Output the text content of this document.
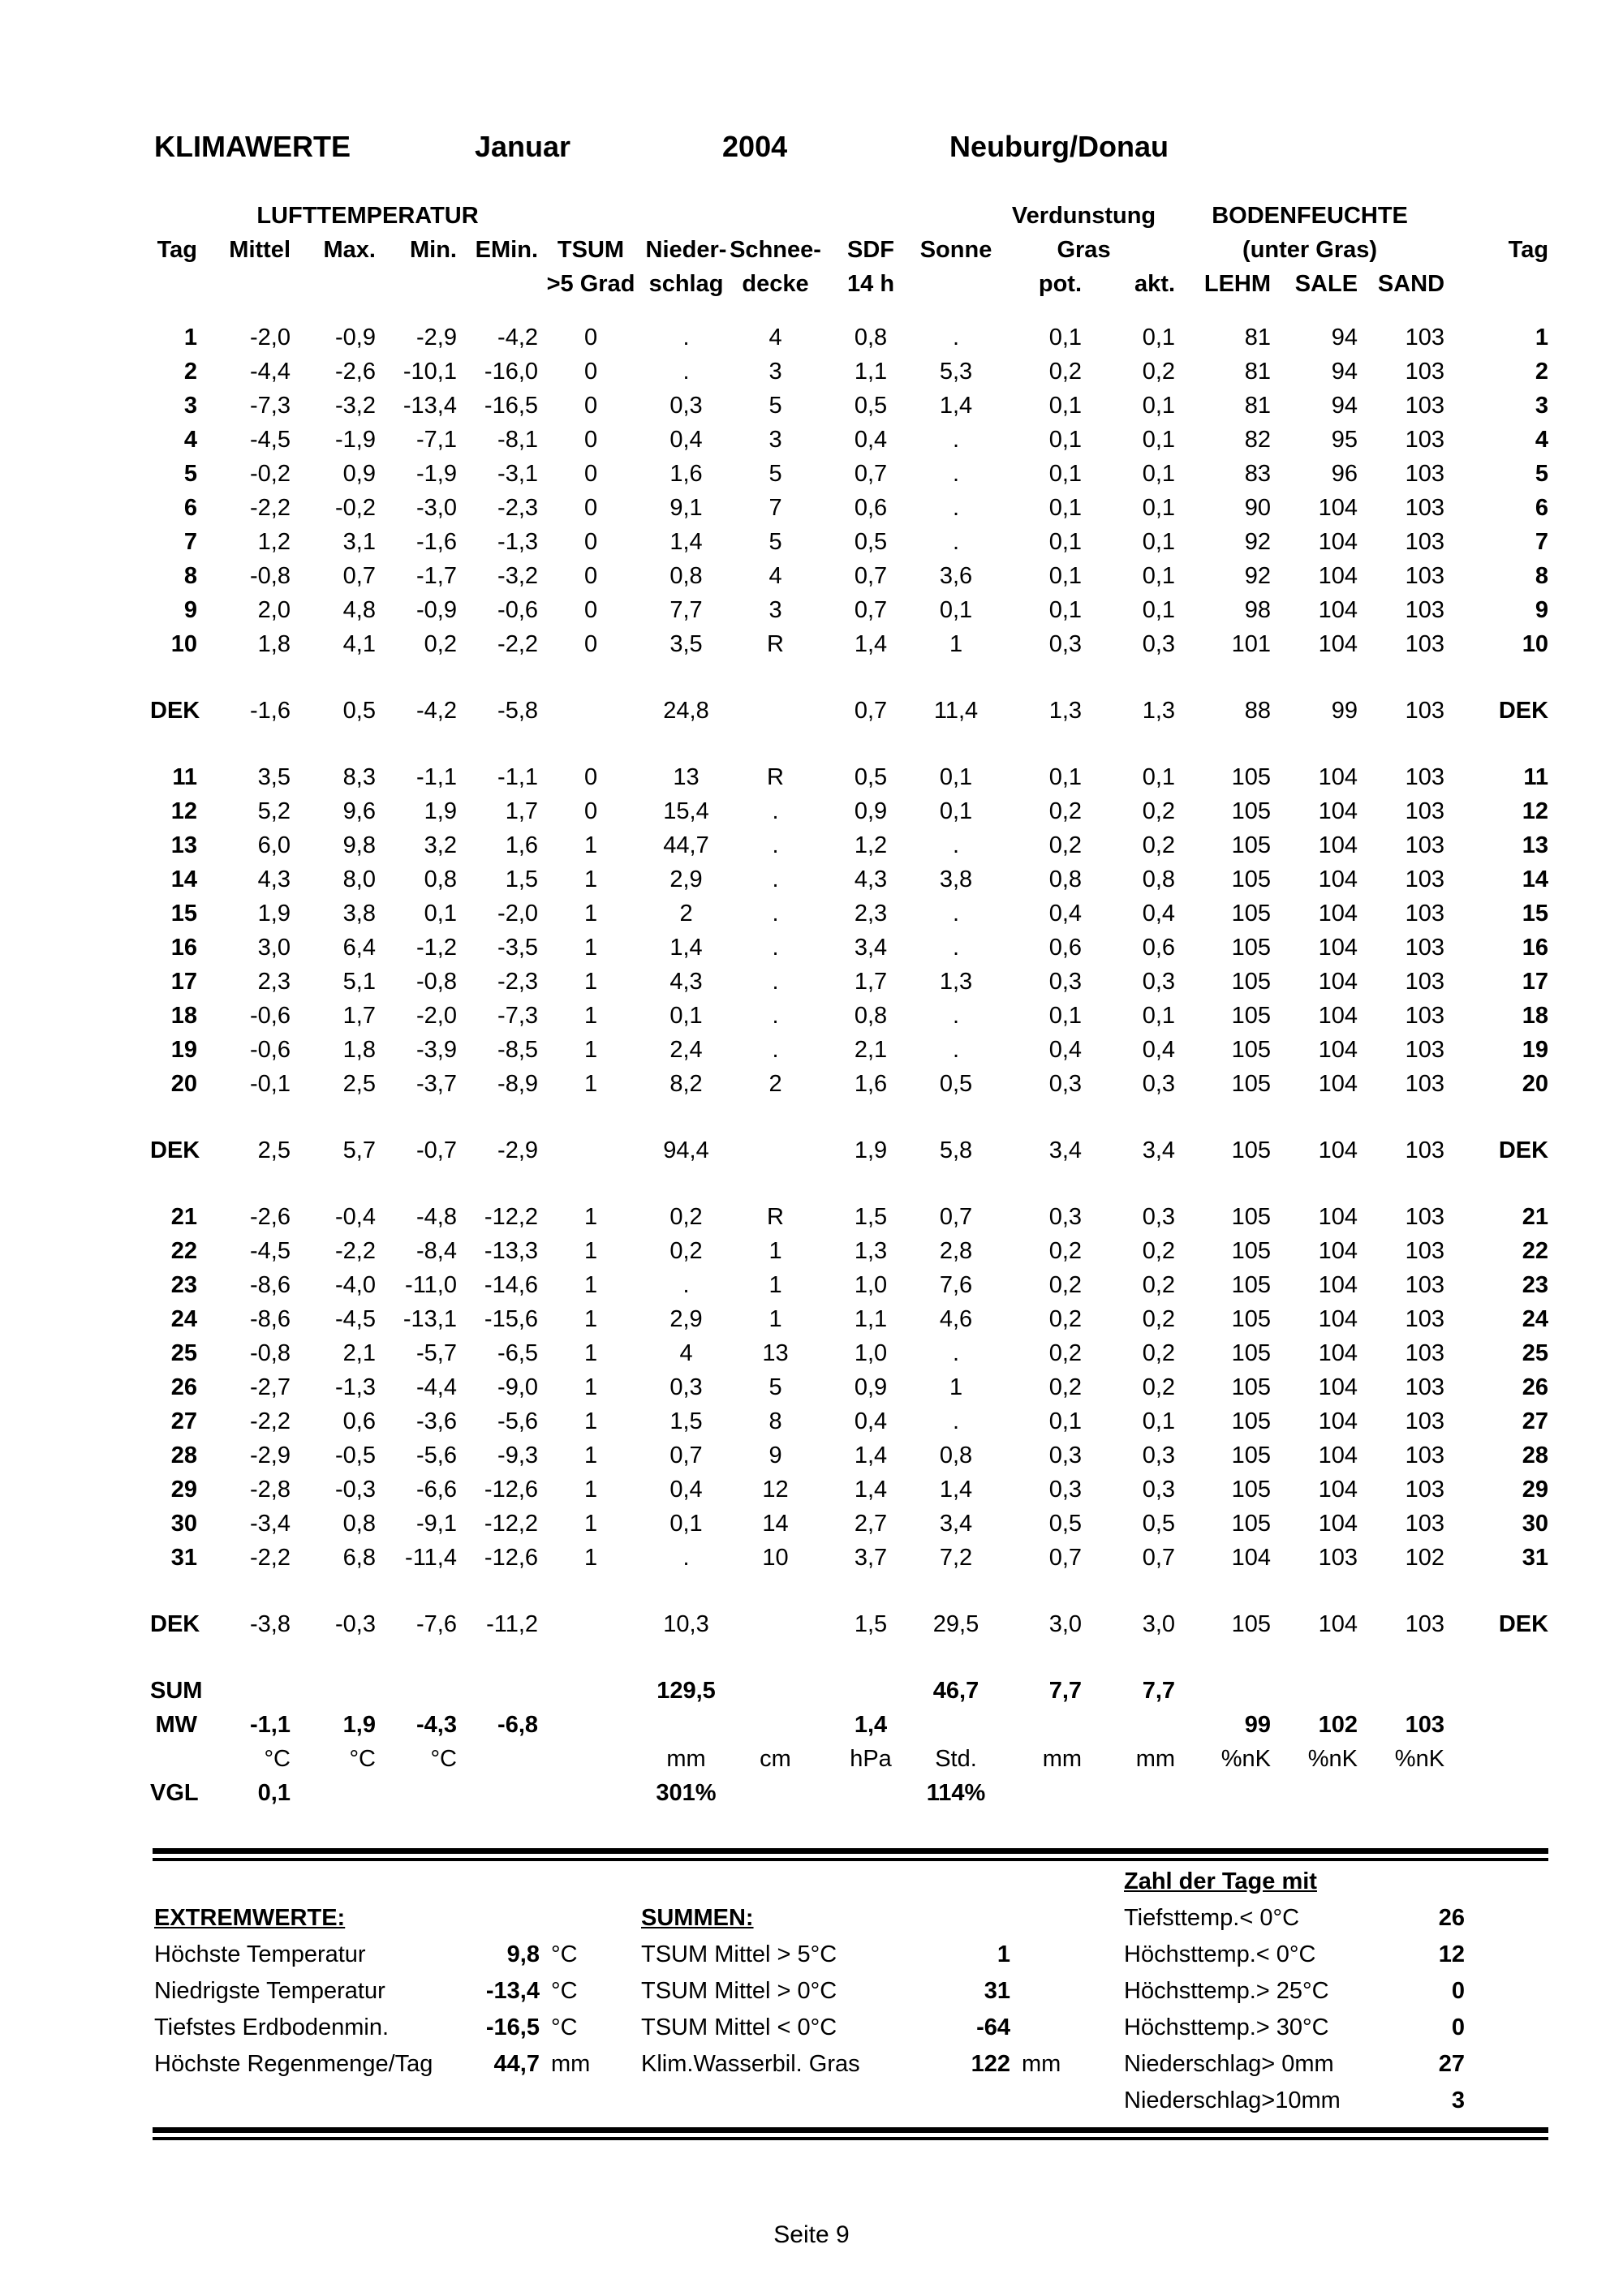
KLIMAWERTE	Januar	2004	Neuburg/Donau
	LUFTTEMPERATUR									Verdunstung		BODENFEUCHTE			
Tag	Mittel	Max.	Min.	EMin.	TSUM	Nieder-	Schnee-	SDF	Sonne	Gras		(unter Gras)			Tag
					>5 Grad	schlag	decke	14 h		pot.	akt.	LEHM	SALE	SAND	

1	-2,0	-0,9	-2,9	-4,2	0	.	4	0,8	.	0,1	0,1	81	94	103	1
2	-4,4	-2,6	-10,1	-16,0	0	.	3	1,1	5,3	0,2	0,2	81	94	103	2
3	-7,3	-3,2	-13,4	-16,5	0	0,3	5	0,5	1,4	0,1	0,1	81	94	103	3
4	-4,5	-1,9	-7,1	-8,1	0	0,4	3	0,4	.	0,1	0,1	82	95	103	4
5	-0,2	0,9	-1,9	-3,1	0	1,6	5	0,7	.	0,1	0,1	83	96	103	5
6	-2,2	-0,2	-3,0	-2,3	0	9,1	7	0,6	.	0,1	0,1	90	104	103	6
7	1,2	3,1	-1,6	-1,3	0	1,4	5	0,5	.	0,1	0,1	92	104	103	7
8	-0,8	0,7	-1,7	-3,2	0	0,8	4	0,7	3,6	0,1	0,1	92	104	103	8
9	2,0	4,8	-0,9	-0,6	0	7,7	3	0,7	0,1	0,1	0,1	98	104	103	9
10	1,8	4,1	0,2	-2,2	0	3,5	R	1,4	1	0,3	0,3	101	104	103	10

DEK	-1,6	0,5	-4,2	-5,8		24,8		0,7	11,4	1,3	1,3	88	99	103	DEK

11	3,5	8,3	-1,1	-1,1	0	13	R	0,5	0,1	0,1	0,1	105	104	103	11
12	5,2	9,6	1,9	1,7	0	15,4	.	0,9	0,1	0,2	0,2	105	104	103	12
13	6,0	9,8	3,2	1,6	1	44,7	.	1,2	.	0,2	0,2	105	104	103	13
14	4,3	8,0	0,8	1,5	1	2,9	.	4,3	3,8	0,8	0,8	105	104	103	14
15	1,9	3,8	0,1	-2,0	1	2	.	2,3	.	0,4	0,4	105	104	103	15
16	3,0	6,4	-1,2	-3,5	1	1,4	.	3,4	.	0,6	0,6	105	104	103	16
17	2,3	5,1	-0,8	-2,3	1	4,3	.	1,7	1,3	0,3	0,3	105	104	103	17
18	-0,6	1,7	-2,0	-7,3	1	0,1	.	0,8	.	0,1	0,1	105	104	103	18
19	-0,6	1,8	-3,9	-8,5	1	2,4	.	2,1	.	0,4	0,4	105	104	103	19
20	-0,1	2,5	-3,7	-8,9	1	8,2	2	1,6	0,5	0,3	0,3	105	104	103	20

DEK	2,5	5,7	-0,7	-2,9		94,4		1,9	5,8	3,4	3,4	105	104	103	DEK

21	-2,6	-0,4	-4,8	-12,2	1	0,2	R	1,5	0,7	0,3	0,3	105	104	103	21
22	-4,5	-2,2	-8,4	-13,3	1	0,2	1	1,3	2,8	0,2	0,2	105	104	103	22
23	-8,6	-4,0	-11,0	-14,6	1	.	1	1,0	7,6	0,2	0,2	105	104	103	23
24	-8,6	-4,5	-13,1	-15,6	1	2,9	1	1,1	4,6	0,2	0,2	105	104	103	24
25	-0,8	2,1	-5,7	-6,5	1	4	13	1,0	.	0,2	0,2	105	104	103	25
26	-2,7	-1,3	-4,4	-9,0	1	0,3	5	0,9	1	0,2	0,2	105	104	103	26
27	-2,2	0,6	-3,6	-5,6	1	1,5	8	0,4	.	0,1	0,1	105	104	103	27
28	-2,9	-0,5	-5,6	-9,3	1	0,7	9	1,4	0,8	0,3	0,3	105	104	103	28
29	-2,8	-0,3	-6,6	-12,6	1	0,4	12	1,4	1,4	0,3	0,3	105	104	103	29
30	-3,4	0,8	-9,1	-12,2	1	0,1	14	2,7	3,4	0,5	0,5	105	104	103	30
31	-2,2	6,8	-11,4	-12,6	1	.	10	3,7	7,2	0,7	0,7	104	103	102	31

DEK	-3,8	-0,3	-7,6	-11,2		10,3		1,5	29,5	3,0	3,0	105	104	103	DEK

SUM						129,5			46,7	7,7	7,7				
MW	-1,1	1,9	-4,3	-6,8				1,4				99	102	103	
	°C	°C	°C			mm	cm	hPa	Std.	mm	mm	%nK	%nK	%nK	
VGL	0,1					301%			114%						
EXTREMWERTE:	SUMMEN:
Zahl der Tage mit
Höchste Temperatur	9,8 °C
Niedrigste Temperatur	-13,4 °C
Tiefstes Erdbodenmin.	-16,5 °C
Höchste Regenmenge/Tag	44,7 mm
TSUM Mittel > 5°C	1
TSUM Mittel > 0°C	31
TSUM Mittel < 0°C	-64
Klim.Wasserbil. Gras	122 mm
Tiefsttemp.< 0°C	26
Höchsttemp.< 0°C	12
Höchsttemp.> 25°C	0
Höchsttemp.> 30°C	0
Niederschlag> 0mm	27
Niederschlag>10mm	3
Seite 9
